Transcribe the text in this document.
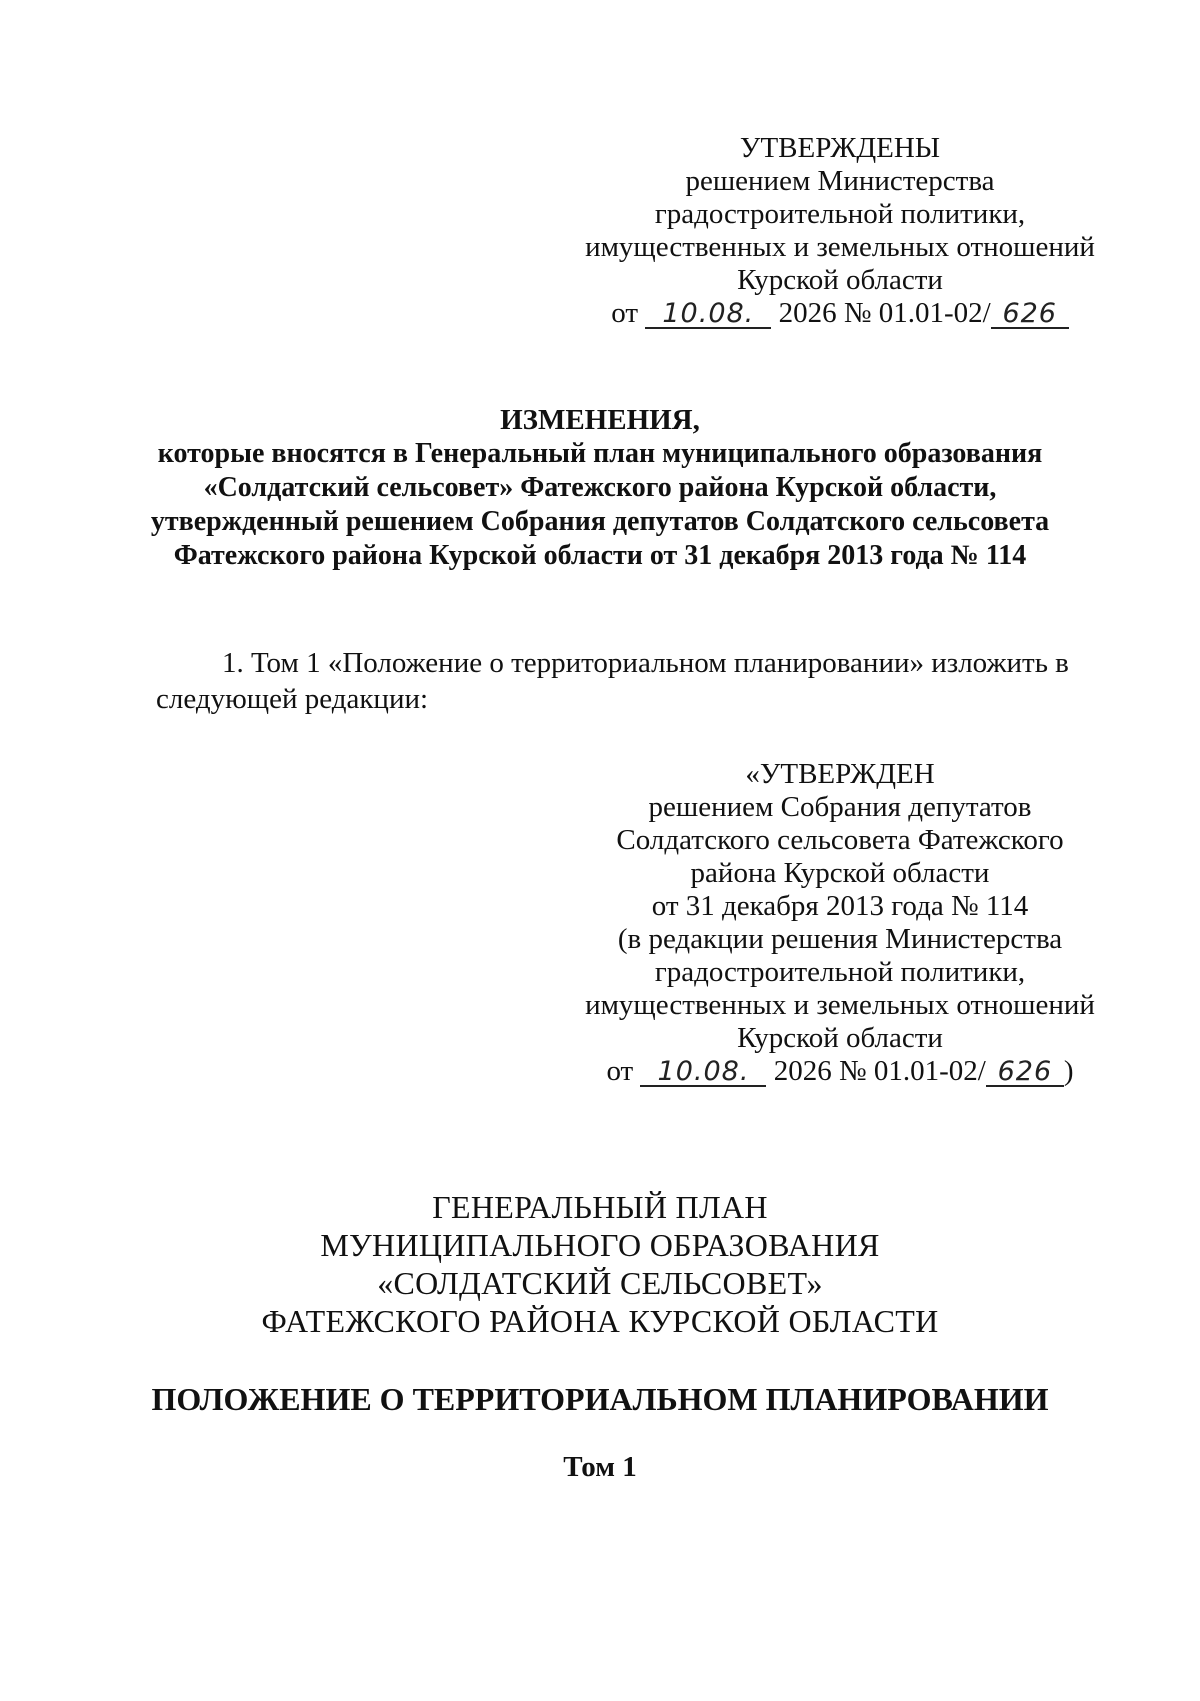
УТВЕРЖДЕНЫ
решением Министерства
градостроительной политики,
имущественных и земельных отношений
Курской области
от 10.08. 2026 № 01.01-02/ 626
ИЗМЕНЕНИЯ,
которые вносятся в Генеральный план муниципального образования
«Солдатский сельсовет» Фатежского района Курской области,
утвержденный решением Собрания депутатов Солдатского сельсовета
Фатежского района Курской области от 31 декабря 2013 года № 114
1. Том 1 «Положение о территориальном планировании» изложить в
следующей редакции:
«УТВЕРЖДЕН
решением Собрания депутатов
Солдатского сельсовета Фатежского
района Курской области
от 31 декабря 2013 года № 114
(в редакции решения Министерства
градостроительной политики,
имущественных и земельных отношений
Курской области
от 10.08. 2026 № 01.01-02/ 626 )
ГЕНЕРАЛЬНЫЙ ПЛАН
МУНИЦИПАЛЬНОГО ОБРАЗОВАНИЯ
«СОЛДАТСКИЙ СЕЛЬСОВЕТ»
ФАТЕЖСКОГО РАЙОНА КУРСКОЙ ОБЛАСТИ
ПОЛОЖЕНИЕ О ТЕРРИТОРИАЛЬНОМ ПЛАНИРОВАНИИ
Том 1
